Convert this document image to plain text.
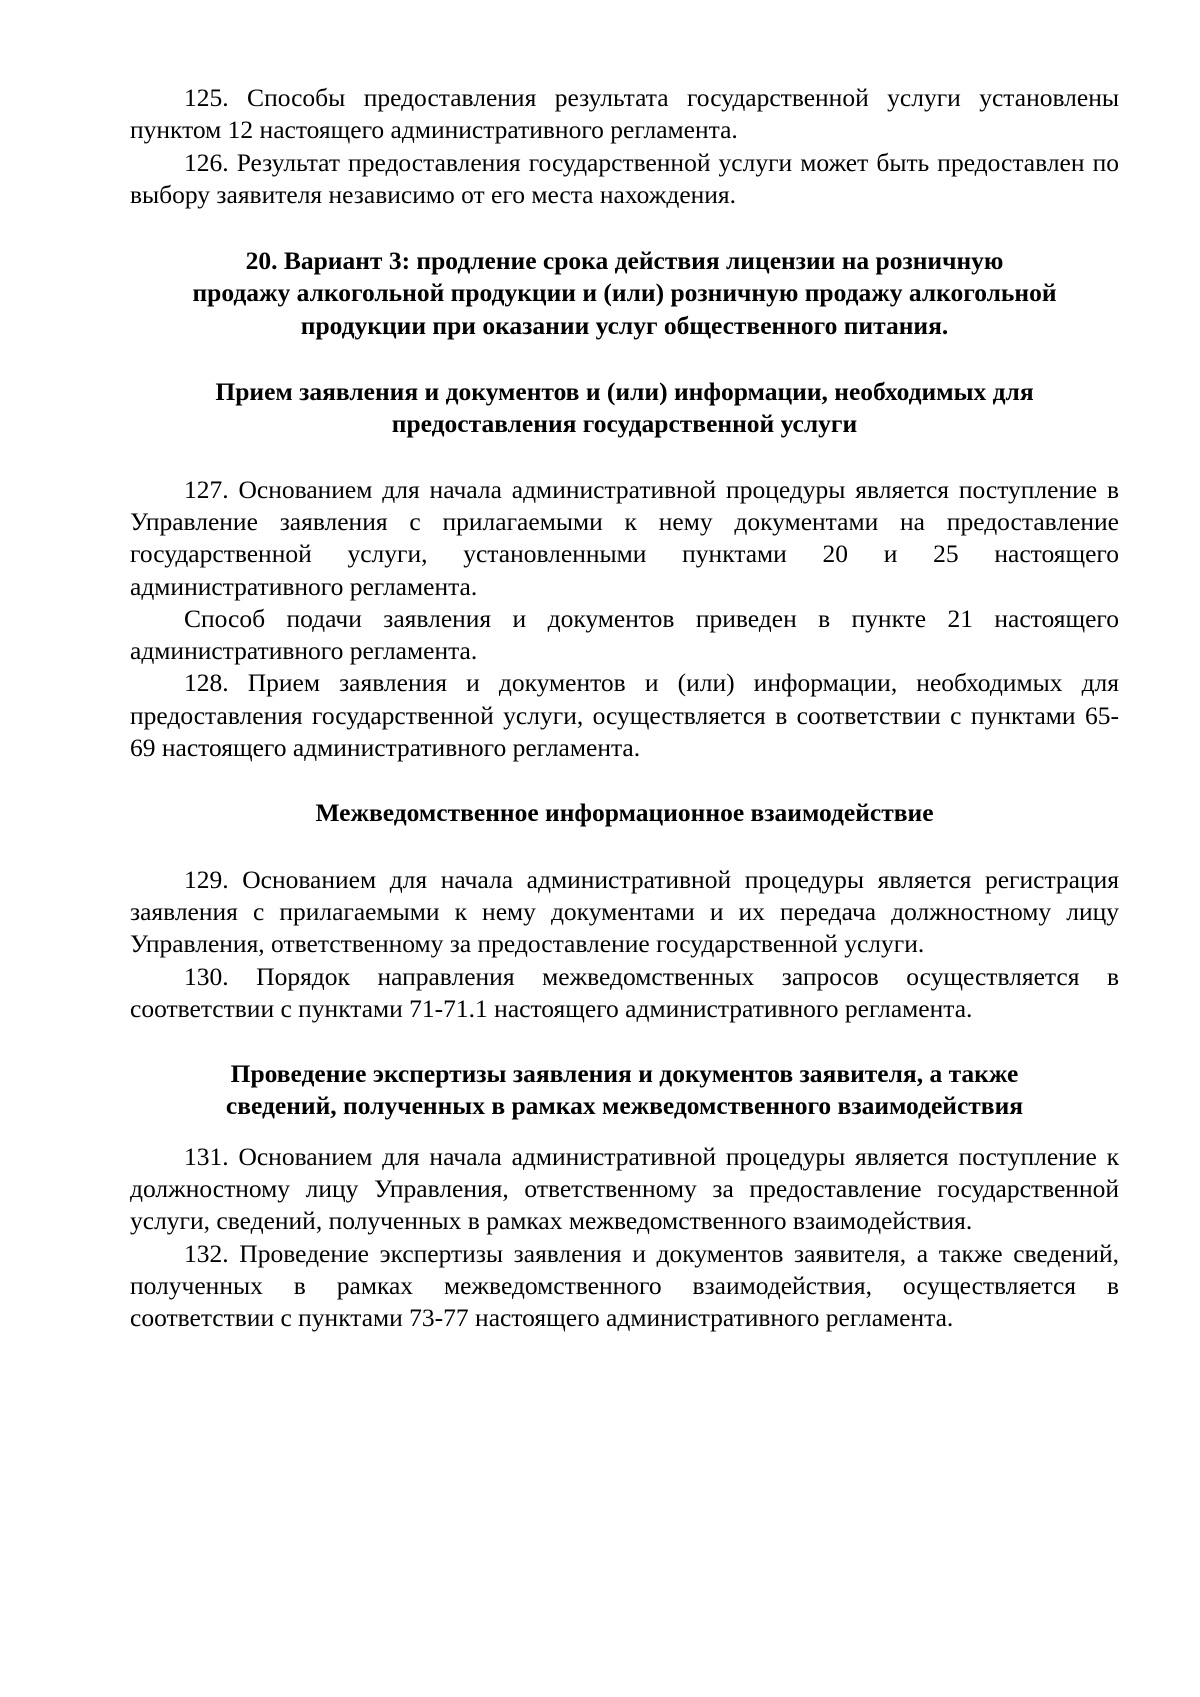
125. Способы предоставления результата государственной услуги установлены пунктом 12 настоящего административного регламента.

126. Результат предоставления государственной услуги может быть предоставлен по выбору заявителя независимо от его места нахождения.

20. Вариант 3: продление срока действия лицензии на розничную
продажу алкогольной продукции и (или) розничную продажу алкогольной
продукции при оказании услуг общественного питания.
Прием заявления и документов и (или) информации, необходимых для
предоставления государственной услуги

127. Основанием для начала административной процедуры является поступление в Управление заявления с прилагаемыми к нему документами на предоставление государственной услуги, установленными пунктами 20 и 25 настоящего административного регламента.

Способ подачи заявления и документов приведен в пункте 21 настоящего административного регламента.

128. Прием заявления и документов и (или) информации, необходимых для предоставления государственной услуги, осуществляется в соответствии с пунктами 65-69 настоящего административного регламента.

Межведомственное информационное взаимодействие

129. Основанием для начала административной процедуры является регистрация заявления с прилагаемыми к нему документами и их передача должностному лицу Управления, ответственному за предоставление государственной услуги.

130. Порядок направления межведомственных запросов осуществляется в соответствии с пунктами 71-71.1 настоящего административного регламента.

Проведение экспертизы заявления и документов заявителя, а также
сведений, полученных в рамках межведомственного взаимодействия

131. Основанием для начала административной процедуры является поступление к должностному лицу Управления, ответственному за предоставление государственной услуги, сведений, полученных в рамках межведомственного взаимодействия.

132. Проведение экспертизы заявления и документов заявителя, а также сведений, полученных в рамках межведомственного взаимодействия, осуществляется в соответствии с пунктами 73-77 настоящего административного регламента.
